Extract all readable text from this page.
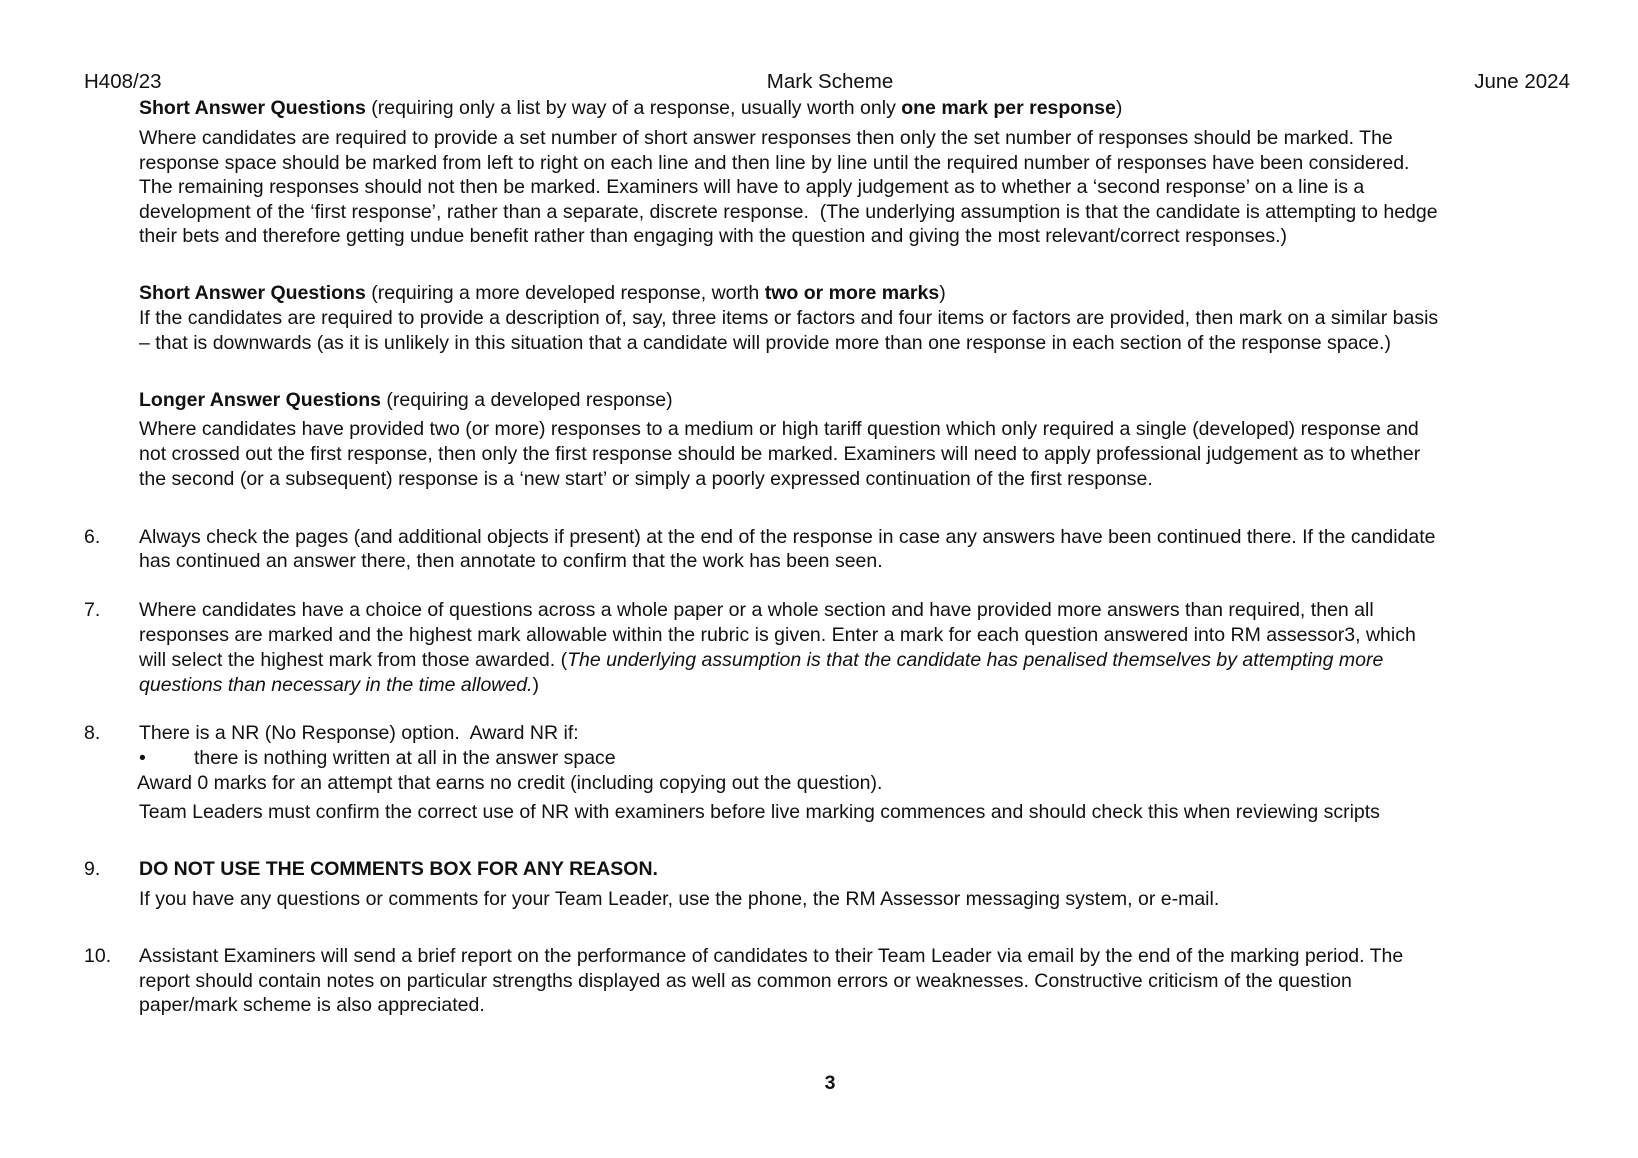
H408/23	Mark Scheme	June 2024
Short Answer Questions (requiring only a list by way of a response, usually worth only one mark per response)
Where candidates are required to provide a set number of short answer responses then only the set number of responses should be marked. The
response space should be marked from left to right on each line and then line by line until the required number of responses have been considered.
The remaining responses should not then be marked. Examiners will have to apply judgement as to whether a ‘second response’ on a line is a
development of the ‘first response’, rather than a separate, discrete response.  (The underlying assumption is that the candidate is attempting to hedge
their bets and therefore getting undue benefit rather than engaging with the question and giving the most relevant/correct responses.)
Short Answer Questions (requiring a more developed response, worth two or more marks)
If the candidates are required to provide a description of, say, three items or factors and four items or factors are provided, then mark on a similar basis
– that is downwards (as it is unlikely in this situation that a candidate will provide more than one response in each section of the response space.)
Longer Answer Questions (requiring a developed response)
Where candidates have provided two (or more) responses to a medium or high tariff question which only required a single (developed) response and
not crossed out the first response, then only the first response should be marked. Examiners will need to apply professional judgement as to whether
the second (or a subsequent) response is a ‘new start’ or simply a poorly expressed continuation of the first response.
6. Always check the pages (and additional objects if present) at the end of the response in case any answers have been continued there. If the candidate
has continued an answer there, then annotate to confirm that the work has been seen.
7. Where candidates have a choice of questions across a whole paper or a whole section and have provided more answers than required, then all
responses are marked and the highest mark allowable within the rubric is given. Enter a mark for each question answered into RM assessor3, which
will select the highest mark from those awarded. (The underlying assumption is that the candidate has penalised themselves by attempting more
questions than necessary in the time allowed.)
8. There is a NR (No Response) option.  Award NR if:
• there is nothing written at all in the answer space
Award 0 marks for an attempt that earns no credit (including copying out the question).
Team Leaders must confirm the correct use of NR with examiners before live marking commences and should check this when reviewing scripts
9. DO NOT USE THE COMMENTS BOX FOR ANY REASON.
If you have any questions or comments for your Team Leader, use the phone, the RM Assessor messaging system, or e-mail.
10. Assistant Examiners will send a brief report on the performance of candidates to their Team Leader via email by the end of the marking period. The
report should contain notes on particular strengths displayed as well as common errors or weaknesses. Constructive criticism of the question
paper/mark scheme is also appreciated.
3
